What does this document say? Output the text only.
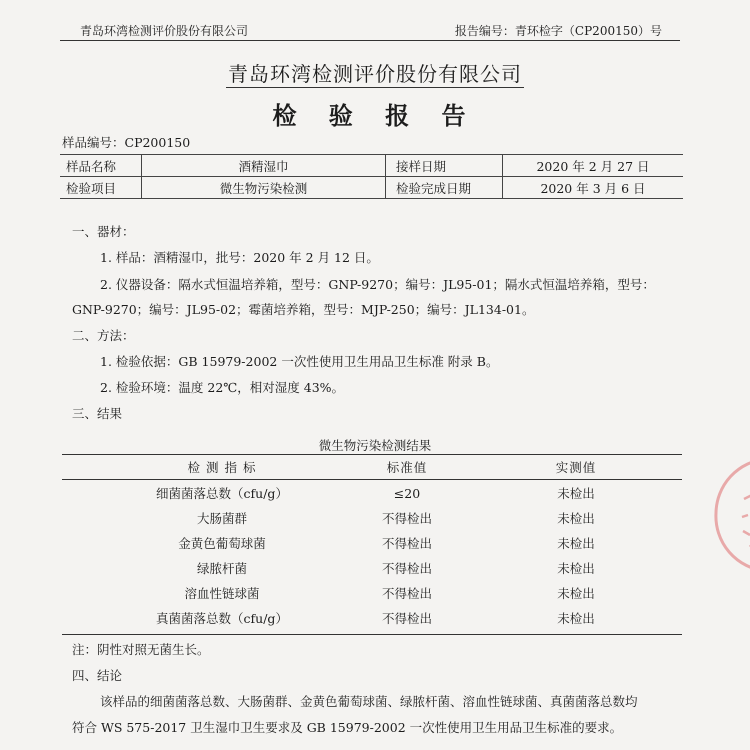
青岛环湾检测评价股份有限公司	报告编号：青环检字（CP200150）号
青岛环湾检测评价股份有限公司
检 验 报 告
样品编号：CP200150
样品名称	酒精湿巾	接样日期	2020 年 2 月 27 日
检验项目	微生物污染检测	检验完成日期	2020 年 3 月 6 日
一、器材：
1. 样品：酒精湿巾，批号：2020 年 2 月 12 日。
2. 仪器设备：隔水式恒温培养箱，型号：GNP-9270；编号：JL95-01；隔水式恒温培养箱，型号：
GNP-9270；编号：JL95-02；霉菌培养箱，型号：MJP-250；编号：JL134-01。
二、方法：
1. 检验依据：GB 15979-2002 一次性使用卫生用品卫生标准 附录 B。
2. 检验环境：温度 22℃，相对湿度 43%。
三、结果
微生物污染检测结果
检 测 指 标	标准值	实测值
细菌菌落总数（cfu/g）	≤20	未检出
大肠菌群	不得检出	未检出
金黄色葡萄球菌	不得检出	未检出
绿脓杆菌	不得检出	未检出
溶血性链球菌	不得检出	未检出
真菌菌落总数（cfu/g）	不得检出	未检出
注：阴性对照无菌生长。
四、结论
该样品的细菌菌落总数、大肠菌群、金黄色葡萄球菌、绿脓杆菌、溶血性链球菌、真菌菌落总数均
符合 WS 575-2017 卫生湿巾卫生要求及 GB 15979-2002 一次性使用卫生用品卫生标准的要求。
